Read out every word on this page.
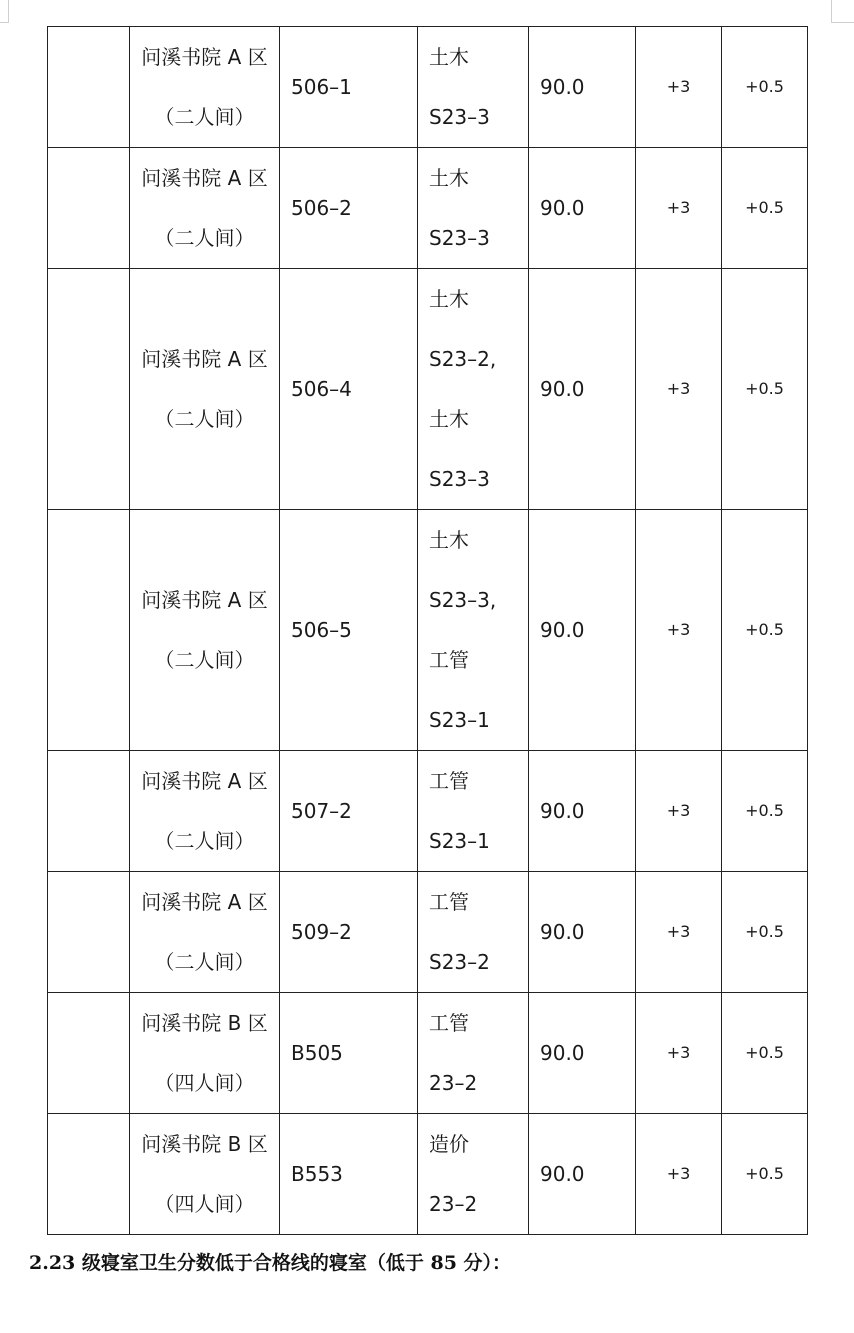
	问溪书院 A 区
（二人间）	506–1	土木
S23–3	90.0	+3	+0.5

	问溪书院 A 区
（二人间）	506–2	土木
S23–3	90.0	+3	+0.5

	问溪书院 A 区
（二人间）	506–4	土木
S23–2,
土木
S23–3	90.0	+3	+0.5

	问溪书院 A 区
（二人间）	506–5	土木
S23–3,
工管
S23–1	90.0	+3	+0.5

	问溪书院 A 区
（二人间）	507–2	工管
S23–1	90.0	+3	+0.5

	问溪书院 A 区
（二人间）	509–2	工管
S23–2	90.0	+3	+0.5

	问溪书院 B 区
（四人间）	B505	工管
23–2	90.0	+3	+0.5

	问溪书院 B 区
（四人间）	B553	造价
23–2	90.0	+3	+0.5
2.23 级寝室卫生分数低于合格线的寝室（低于 85 分）：
